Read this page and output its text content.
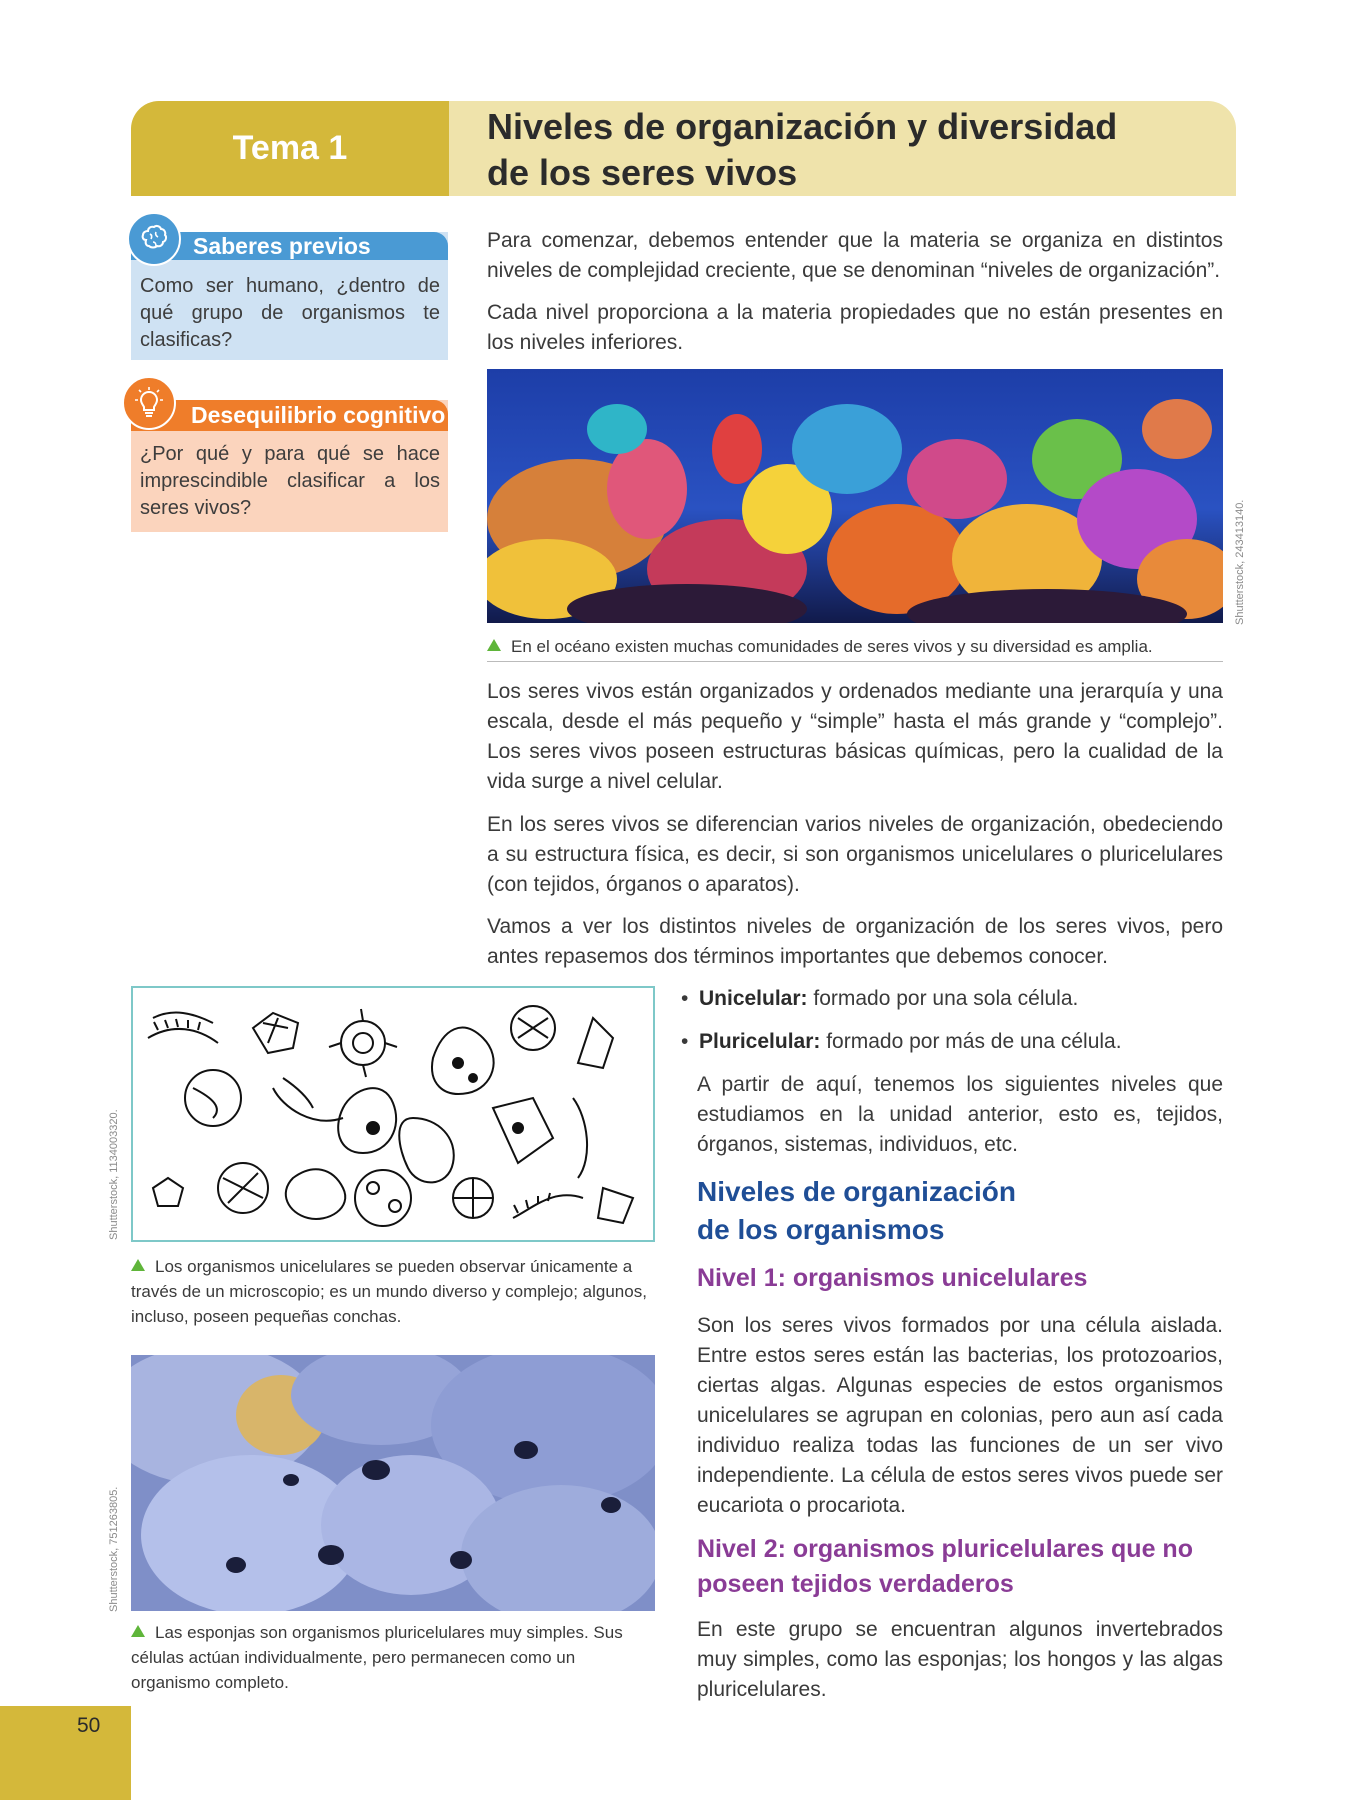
Tema 1
Niveles de organización y diversidad
de los seres vivos
Saberes previos
Como ser humano, ¿dentro de qué grupo de organismos te clasificas?
Desequilibrio cognitivo
¿Por qué y para qué se hace imprescindible clasificar a los seres vivos?
Para comenzar, debemos entender que la materia se organiza en distintos niveles de complejidad creciente, que se denominan “niveles de organización”.
Cada nivel proporciona a la materia propiedades que no están presentes en los niveles inferiores.
Shutterstock, 243413140.
En el océano existen muchas comunidades de seres vivos y su diversidad es amplia.
Los seres vivos están organizados y ordenados mediante una jerarquía y una escala, desde el más pequeño y “simple” hasta el más grande y “complejo”. Los seres vivos poseen estructuras básicas químicas, pero la cualidad de la vida surge a nivel celular.
En los seres vivos se diferencian varios niveles de organización, obedeciendo a su estructura física, es decir, si son organismos unicelulares o pluricelulares (con tejidos, órganos o aparatos).
Vamos a ver los distintos niveles de organización de los seres vivos, pero antes repasemos dos términos importantes que debemos conocer.
Shutterstock, 1134003320.
Los organismos unicelulares se pueden observar únicamente a través de un microscopio; es un mundo diverso y complejo; algunos, incluso, poseen pequeñas conchas.
Shutterstock, 751263805.
Las esponjas son organismos pluricelulares muy simples. Sus células actúan individualmente, pero permanecen como un organismo completo.
• Unicelular: formado por una sola célula.
• Pluricelular: formado por más de una célula.
A partir de aquí, tenemos los siguientes niveles que estudiamos en la unidad anterior, esto es, tejidos, órganos, sistemas, individuos, etc.
Niveles de organización
de los organismos
Nivel 1: organismos unicelulares
Son los seres vivos formados por una célula aislada. Entre estos seres están las bacterias, los protozoarios, ciertas algas. Algunas especies de estos organismos unicelulares se agrupan en colonias, pero aun así cada individuo realiza todas las funciones de un ser vivo independiente. La célula de estos seres vivos puede ser eucariota o procariota.
Nivel 2: organismos pluricelulares que no
poseen tejidos verdaderos
En este grupo se encuentran algunos invertebrados muy simples, como las esponjas; los hongos y las algas pluricelulares.
50
